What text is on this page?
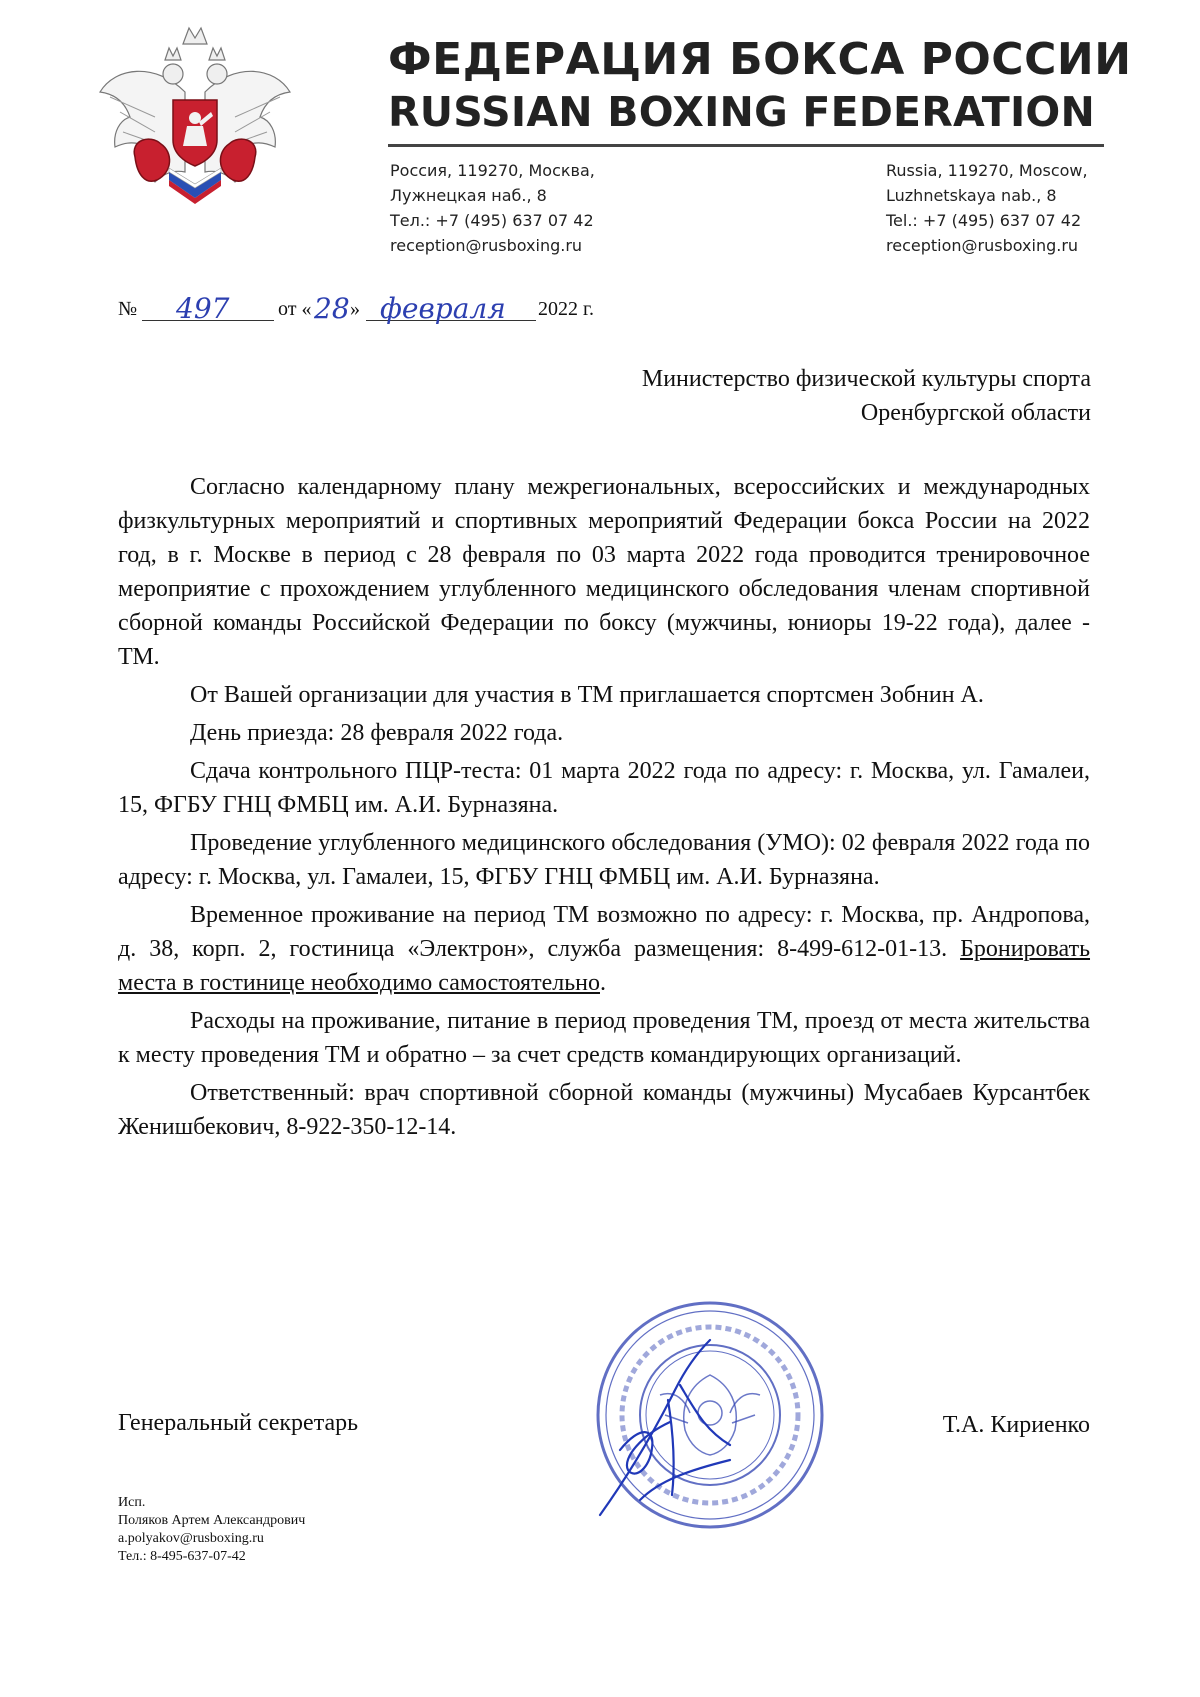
ФЕДЕРАЦИЯ БОКСА РОССИИ
RUSSIAN BOXING FEDERATION
Россия, 119270, Москва,
Лужнецкая наб., 8
Тел.: +7 (495) 637 07 42
reception@rusboxing.ru
Russia, 119270, Moscow,
Luzhnetskaya nab., 8
Tel.: +7 (495) 637 07 42
reception@rusboxing.ru
№ 497 от « 28 » февраля 2022 г.
Министерство физической культуры спорта
Оренбургской области

Согласно календарному плану межрегиональных, всероссийских и международных физкультурных мероприятий и спортивных мероприятий Федерации бокса России на 2022 год, в г. Москве в период с 28 февраля по 03 марта 2022 года проводится тренировочное мероприятие с прохождением углубленного медицинского обследования членам спортивной сборной команды Российской Федерации по боксу (мужчины, юниоры 19-22 года), далее - ТМ.

От Вашей организации для участия в ТМ приглашается спортсмен Зобнин А.

День приезда: 28 февраля 2022 года.

Сдача контрольного ПЦР-теста: 01 марта 2022 года по адресу: г. Москва, ул. Гамалеи, 15, ФГБУ ГНЦ ФМБЦ им. А.И. Бурназяна.

Проведение углубленного медицинского обследования (УМО): 02 февраля 2022 года по адресу: г. Москва, ул. Гамалеи, 15, ФГБУ ГНЦ ФМБЦ им. А.И. Бурназяна.

Временное проживание на период ТМ возможно по адресу: г. Москва, пр. Андропова, д. 38, корп. 2, гостиница «Электрон», служба размещения: 8-499-612-01-13. Бронировать места в гостинице необходимо самостоятельно.

Расходы на проживание, питание в период проведения ТМ, проезд от места жительства к месту проведения ТМ и обратно – за счет средств командирующих организаций.

Ответственный: врач спортивной сборной команды (мужчины) Мусабаев Курсантбек Женишбекович, 8-922-350-12-14.

Генеральный секретарь	Т.А. Кириенко
Исп.
Поляков Артем Александрович
a.polyakov@rusboxing.ru
Тел.: 8-495-637-07-42
